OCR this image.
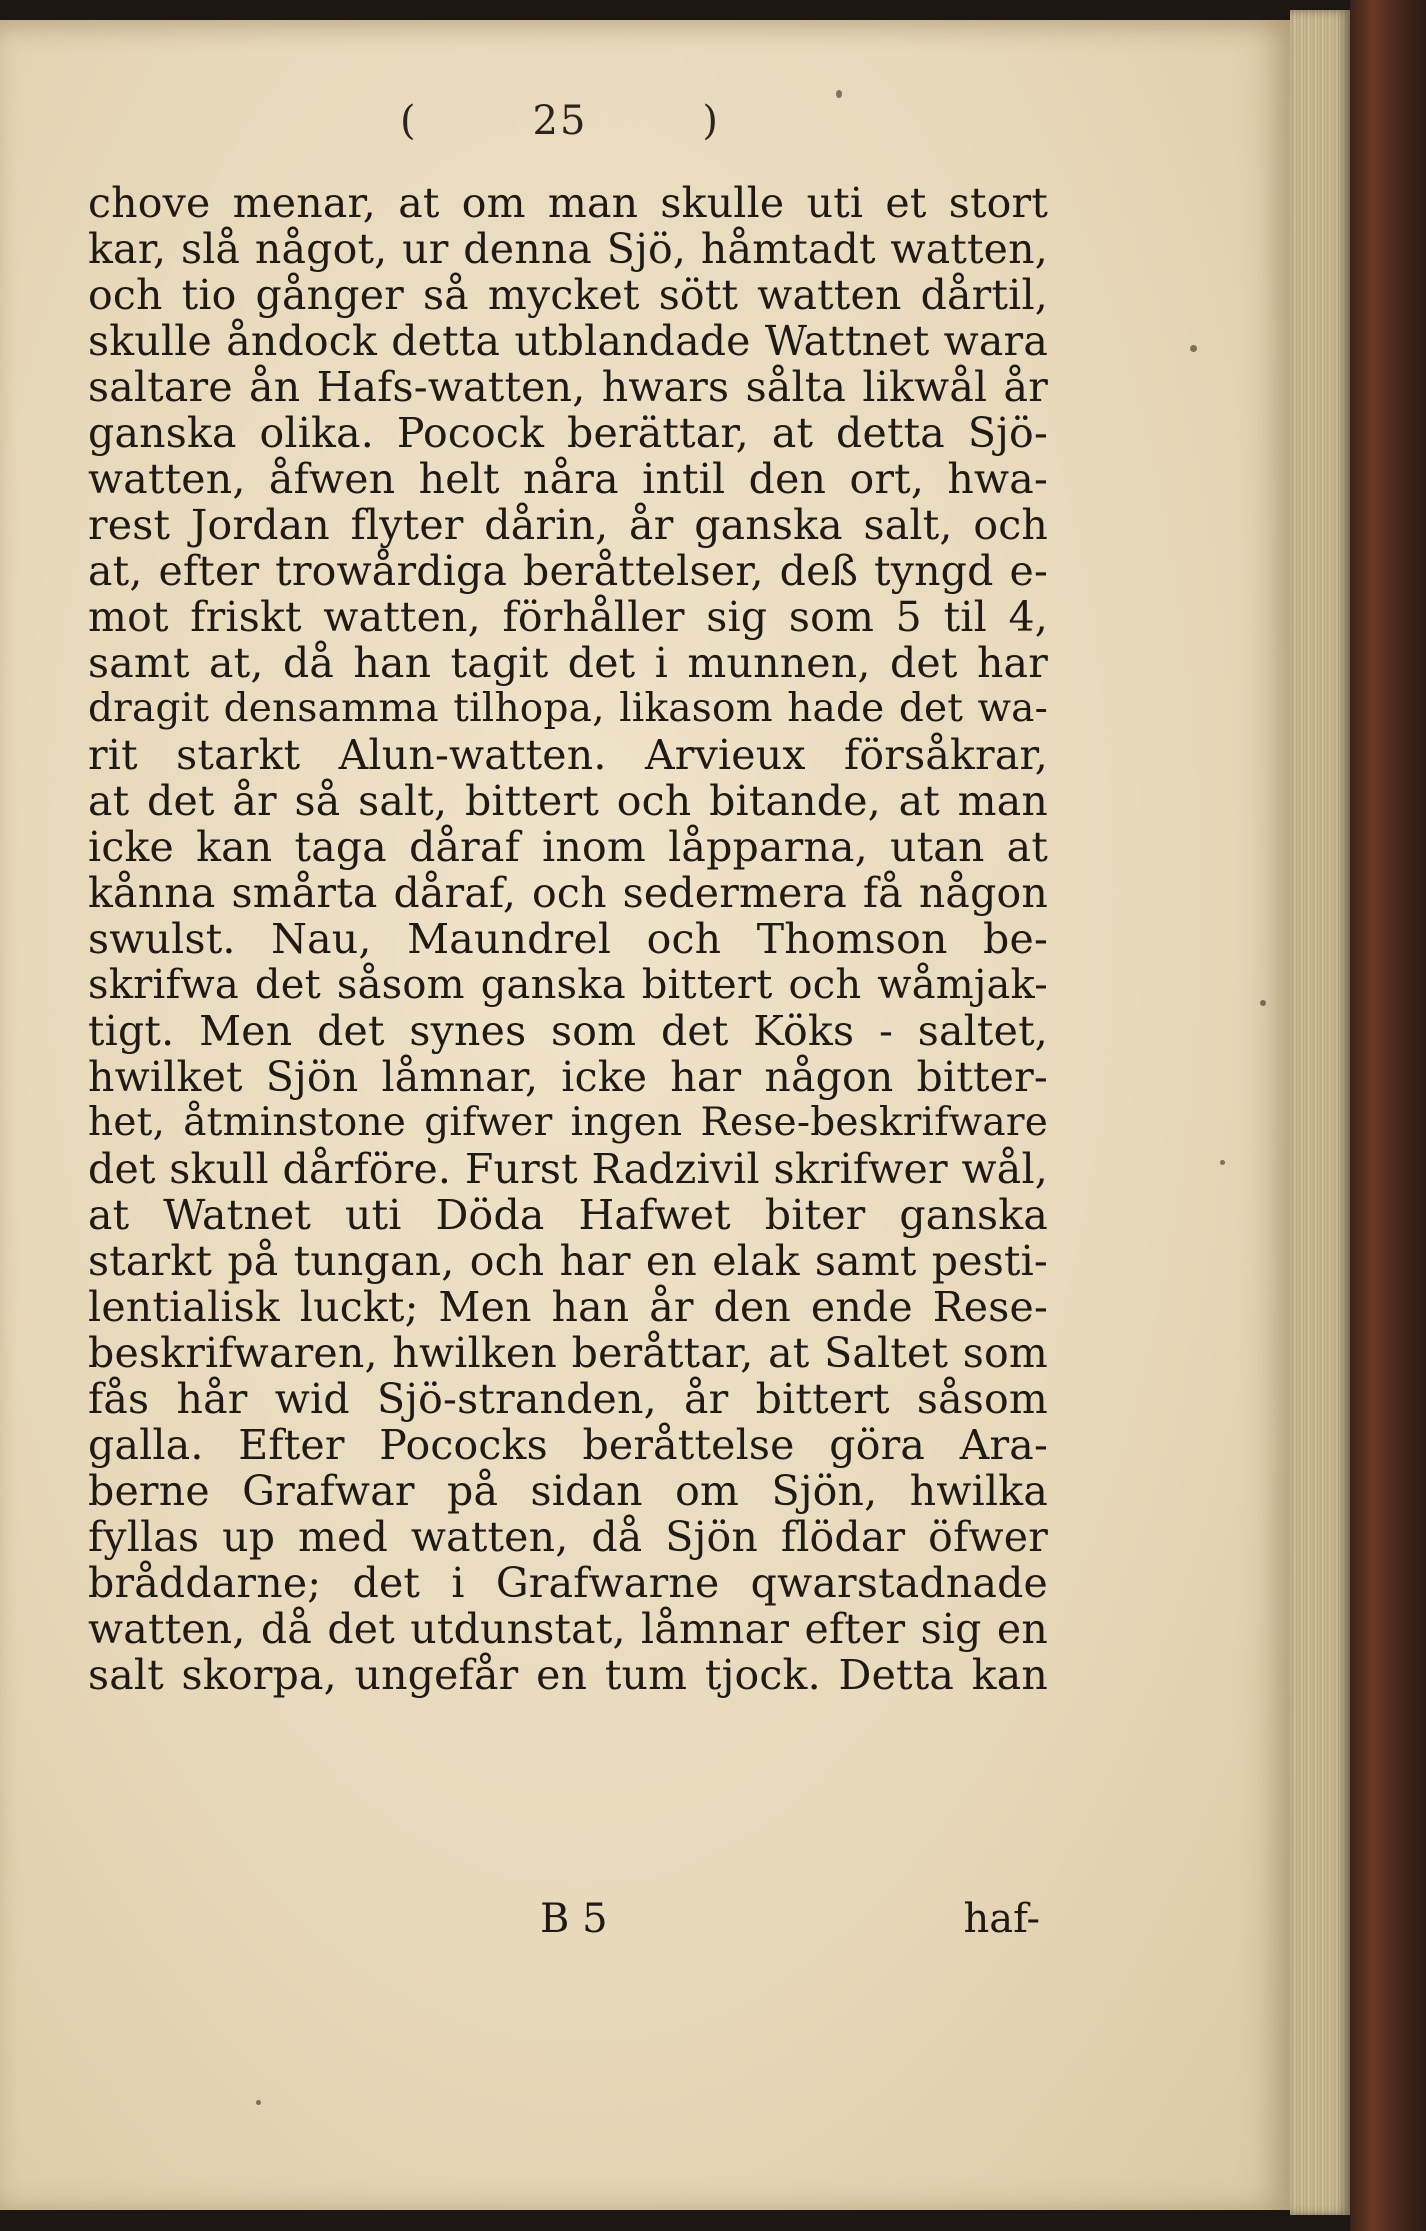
(	25	)
chove menar, at om man skulle uti et stort
kar, slå något, ur denna Sjö, håmtadt watten,
och tio gånger så mycket sött watten dårtil,
skulle åndock detta utblandade Wattnet wara
saltare ån Hafs-watten, hwars sålta likwål år
ganska olika. Pocock berättar, at detta Sjö-
watten, åfwen helt nåra intil den ort, hwa-
rest Jordan flyter dårin, år ganska salt, och
at, efter trowårdiga beråttelser, deß tyngd e-
mot friskt watten, förhåller sig som 5 til 4,
samt at, då han tagit det i munnen, det har
dragit densamma tilhopa, likasom hade det wa-
rit starkt Alun-watten. Arvieux försåkrar,
at det år så salt, bittert och bitande, at man
icke kan taga dåraf inom låpparna, utan at
kånna smårta dåraf, och sedermera få någon
swulst. Nau, Maundrel och Thomson be-
skrifwa det såsom ganska bittert och wåmjak-
tigt. Men det synes som det Köks - saltet,
hwilket Sjön låmnar, icke har någon bitter-
het, åtminstone gifwer ingen Rese-beskrifware
det skull dårföre. Furst Radzivil skrifwer wål,
at Watnet uti Döda Hafwet biter ganska
starkt på tungan, och har en elak samt pesti-
lentialisk luckt; Men han år den ende Rese-
beskrifwaren, hwilken beråttar, at Saltet som
fås hår wid Sjö-stranden, år bittert såsom
galla. Efter Pococks beråttelse göra Ara-
berne Grafwar på sidan om Sjön, hwilka
fyllas up med watten, då Sjön flödar öfwer
bråddarne; det i Grafwarne qwarstadnade
watten, då det utdunstat, låmnar efter sig en
salt skorpa, ungefår en tum tjock. Detta kan
B 5	haf-
